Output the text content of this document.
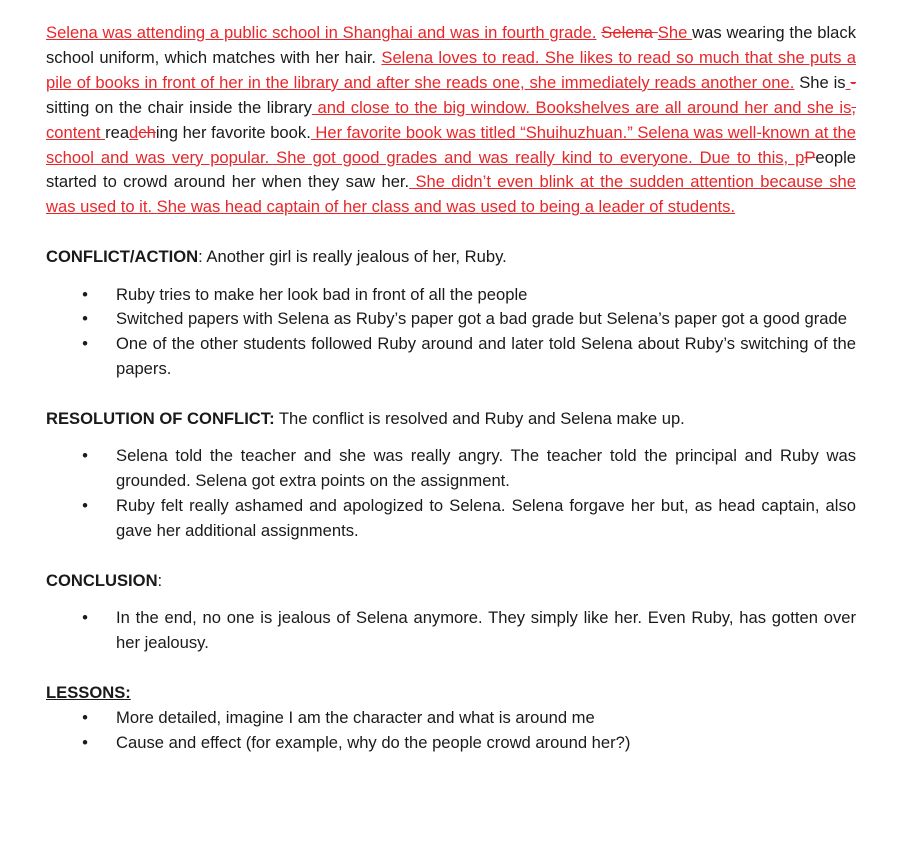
Selena was attending a public school in Shanghai and was in fourth grade. Selena She was wearing the black school uniform, which matches with her hair. Selena loves to read. She likes to read so much that she puts a pile of books in front of her in the library and after she reads one, she immediately reads another one. She is -sitting on the chair inside the library and close to the big window. Bookshelves are all around her and she is, content readching her favorite book. Her favorite book was titled “Shuihuzhuan.” Selena was well-known at the school and was very popular. She got good grades and was really kind to everyone. Due to this, pPeople started to crowd around her when they saw her. She didn’t even blink at the sudden attention because she was used to it. She was head captain of her class and was used to being a leader of students.

CONFLICT/ACTION: Another girl is really jealous of her, Ruby.

• Ruby tries to make her look bad in front of all the people
• Switched papers with Selena as Ruby’s paper got a bad grade but Selena’s paper got a good grade
• One of the other students followed Ruby around and later told Selena about Ruby’s switching of the papers.

RESOLUTION OF CONFLICT: The conflict is resolved and Ruby and Selena make up.

• Selena told the teacher and she was really angry. The teacher told the principal and Ruby was grounded. Selena got extra points on the assignment.
• Ruby felt really ashamed and apologized to Selena. Selena forgave her but, as head captain, also gave her additional assignments.

CONCLUSION:

• In the end, no one is jealous of Selena anymore. They simply like her. Even Ruby, has gotten over her jealousy.

LESSONS:

• More detailed, imagine I am the character and what is around me
• Cause and effect (for example, why do the people crowd around her?)
